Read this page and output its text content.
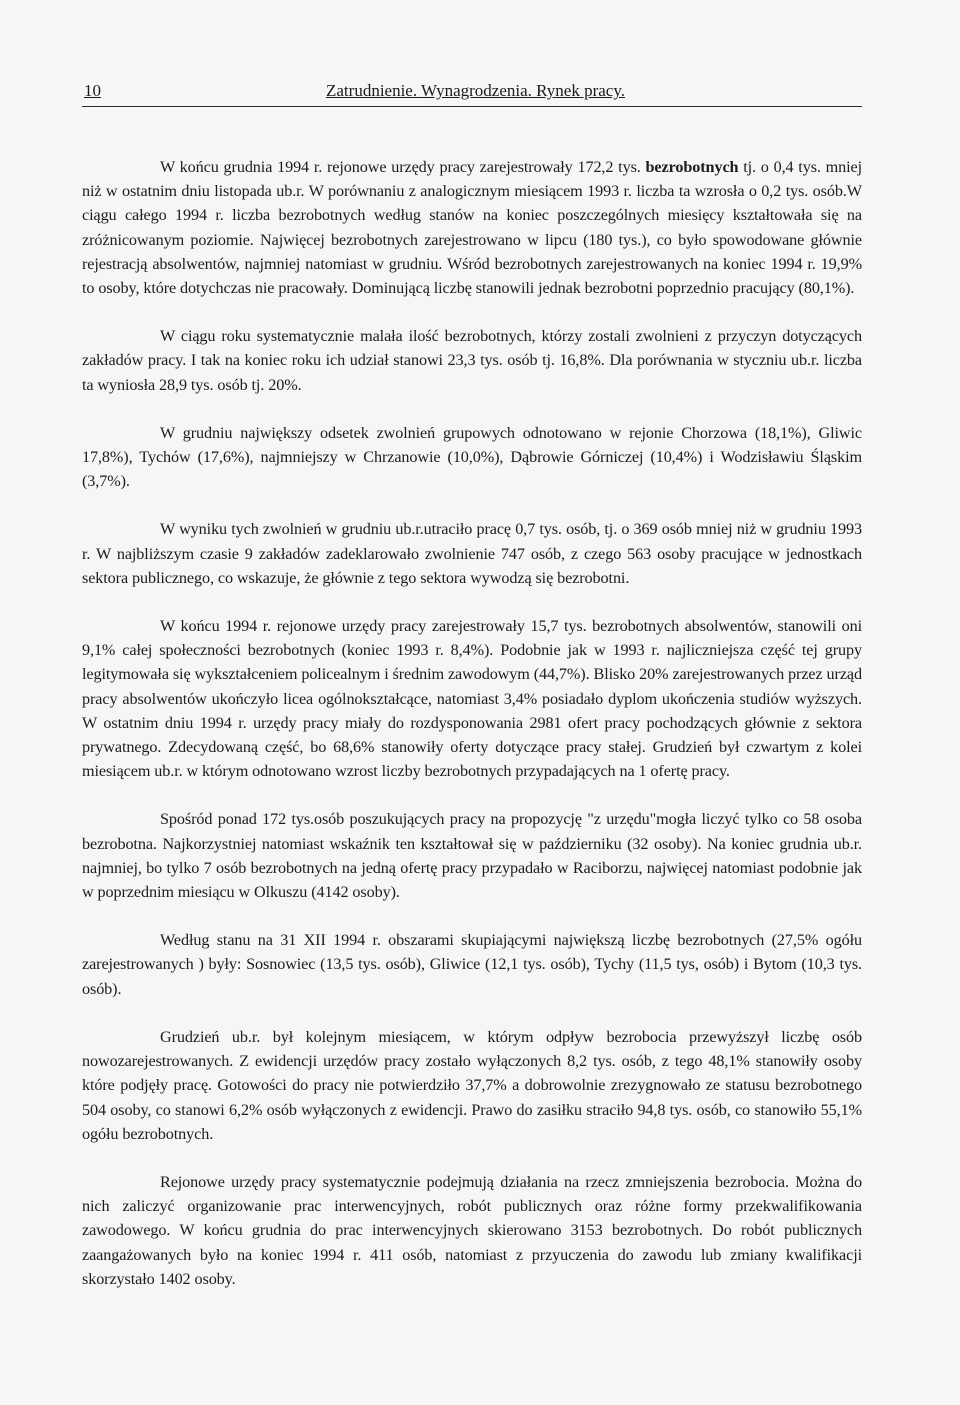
10	Zatrudnienie. Wynagrodzenia. Rynek pracy.

W końcu grudnia 1994 r. rejonowe urzędy pracy zarejestrowały 172,2 tys. bezrobotnych tj. o 0,4 tys. mniej niż w ostatnim dniu listopada ub.r. W porównaniu z analogicznym miesiącem 1993 r. liczba ta wzrosła o 0,2 tys. osób.W ciągu całego 1994 r. liczba bezrobotnych według stanów na koniec poszczególnych miesięcy kształtowała się na zróżnicowanym poziomie. Najwięcej bezrobotnych zarejestrowano w lipcu (180 tys.), co było spowodowane głównie rejestracją absolwentów, najmniej natomiast w grudniu. Wśród bezrobotnych zarejestrowanych na koniec 1994 r. 19,9% to osoby, które dotychczas nie pracowały. Dominującą liczbę stanowili jednak bezrobotni poprzednio pracujący (80,1%).

W ciągu roku systematycznie malała ilość bezrobotnych, którzy zostali zwolnieni z przyczyn dotyczących zakładów pracy. I tak na koniec roku ich udział stanowi 23,3 tys. osób tj. 16,8%. Dla porównania w styczniu ub.r. liczba ta wyniosła 28,9 tys. osób tj. 20%.

W grudniu największy odsetek zwolnień grupowych odnotowano w rejonie Chorzowa (18,1%), Gliwic 17,8%), Tychów (17,6%), najmniejszy w Chrzanowie (10,0%), Dąbrowie Górniczej (10,4%) i Wodzisławiu Śląskim (3,7%).

W wyniku tych zwolnień w grudniu ub.r.utraciło pracę 0,7 tys. osób, tj. o 369 osób mniej niż w grudniu 1993 r. W najbliższym czasie 9 zakładów zadeklarowało zwolnienie 747 osób, z czego 563 osoby pracujące w jednostkach sektora publicznego, co wskazuje, że głównie z tego sektora wywodzą się bezrobotni.

W końcu 1994 r. rejonowe urzędy pracy zarejestrowały 15,7 tys. bezrobotnych absolwentów, stanowili oni 9,1% całej społeczności bezrobotnych (koniec 1993 r. 8,4%). Podobnie jak w 1993 r. najliczniejsza część tej grupy legitymowała się wykształceniem policealnym i średnim zawodowym (44,7%). Blisko 20% zarejestrowanych przez urząd pracy absolwentów ukończyło licea ogólnokształcące, natomiast 3,4% posiadało dyplom ukończenia studiów wyższych. W ostatnim dniu 1994 r. urzędy pracy miały do rozdysponowania 2981 ofert pracy pochodzących głównie z sektora prywatnego. Zdecydowaną część, bo 68,6% stanowiły oferty dotyczące pracy stałej. Grudzień był czwartym z kolei miesiącem ub.r. w którym odnotowano wzrost liczby bezrobotnych przypadających na 1 ofertę pracy.

Spośród ponad 172 tys.osób poszukujących pracy na propozycję "z urzędu"mogła liczyć tylko co 58 osoba bezrobotna. Najkorzystniej natomiast wskaźnik ten kształtował się w październiku (32 osoby). Na koniec grudnia ub.r. najmniej, bo tylko 7 osób bezrobotnych na jedną ofertę pracy przypadało w Raciborzu, najwięcej natomiast podobnie jak w poprzednim miesiącu w Olkuszu (4142 osoby).

Według stanu na 31 XII 1994 r. obszarami skupiającymi największą liczbę bezrobotnych (27,5% ogółu zarejestrowanych ) były: Sosnowiec (13,5 tys. osób), Gliwice (12,1 tys. osób), Tychy (11,5 tys, osób) i Bytom (10,3 tys. osób).

Grudzień ub.r. był kolejnym miesiącem, w którym odpływ bezrobocia przewyższył liczbę osób nowozarejestrowanych. Z ewidencji urzędów pracy zostało wyłączonych 8,2 tys. osób, z tego 48,1% stanowiły osoby które podjęły pracę. Gotowości do pracy nie potwierdziło 37,7% a dobrowolnie zrezygnowało ze statusu bezrobotnego 504 osoby, co stanowi 6,2% osób wyłączonych z ewidencji. Prawo do zasiłku straciło 94,8 tys. osób, co stanowiło 55,1% ogółu bezrobotnych.

Rejonowe urzędy pracy systematycznie podejmują działania na rzecz zmniejszenia bezrobocia. Można do nich zaliczyć organizowanie prac interwencyjnych, robót publicznych oraz różne formy przekwalifikowania zawodowego. W końcu grudnia do prac interwencyjnych skierowano 3153 bezrobotnych. Do robót publicznych zaangażowanych było na koniec 1994 r. 411 osób, natomiast z przyuczenia do zawodu lub zmiany kwalifikacji skorzystało 1402 osoby.
